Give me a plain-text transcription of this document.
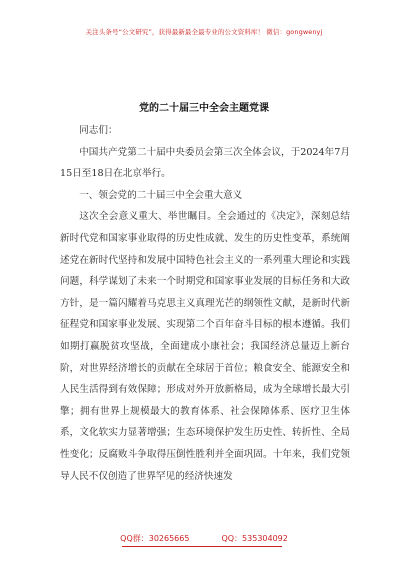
关注头条号“公文研究”，获得最新最全最专业的公文资料库！ 微信：gongwenyj
党的二十届三中全会主题党课

同志们：

中国共产党第二十届中央委员会第三次全体会议，于2024年7月15日至18日在北京举行。

一、领会党的二十届三中全会重大意义

这次全会意义重大、举世瞩目。全会通过的《决定》，深刻总结新时代党和国家事业取得的历史性成就、发生的历史性变革，系统阐述党在新时代坚持和发展中国特色社会主义的一系列重大理论和实践问题，科学谋划了未来一个时期党和国家事业发展的目标任务和大政方针，是一篇闪耀着马克思主义真理光芒的纲领性文献，是新时代新征程党和国家事业发展、实现第二个百年奋斗目标的根本遵循。我们如期打赢脱贫攻坚战，全面建成小康社会；我国经济总量迈上新台阶，对世界经济增长的贡献在全球居于首位；粮食安全、能源安全和人民生活得到有效保障；形成对外开放新格局，成为全球增长最大引擎；拥有世界上规模最大的教育体系、社会保障体系、医疗卫生体系，文化软实力显著增强；生态环境保护发生历史性、转折性、全局性变化；反腐败斗争取得压倒性胜利并全面巩固。十年来，我们党领导人民不仅创造了世界罕见的经济快速发

QQ群：30265665	QQ：535304092
